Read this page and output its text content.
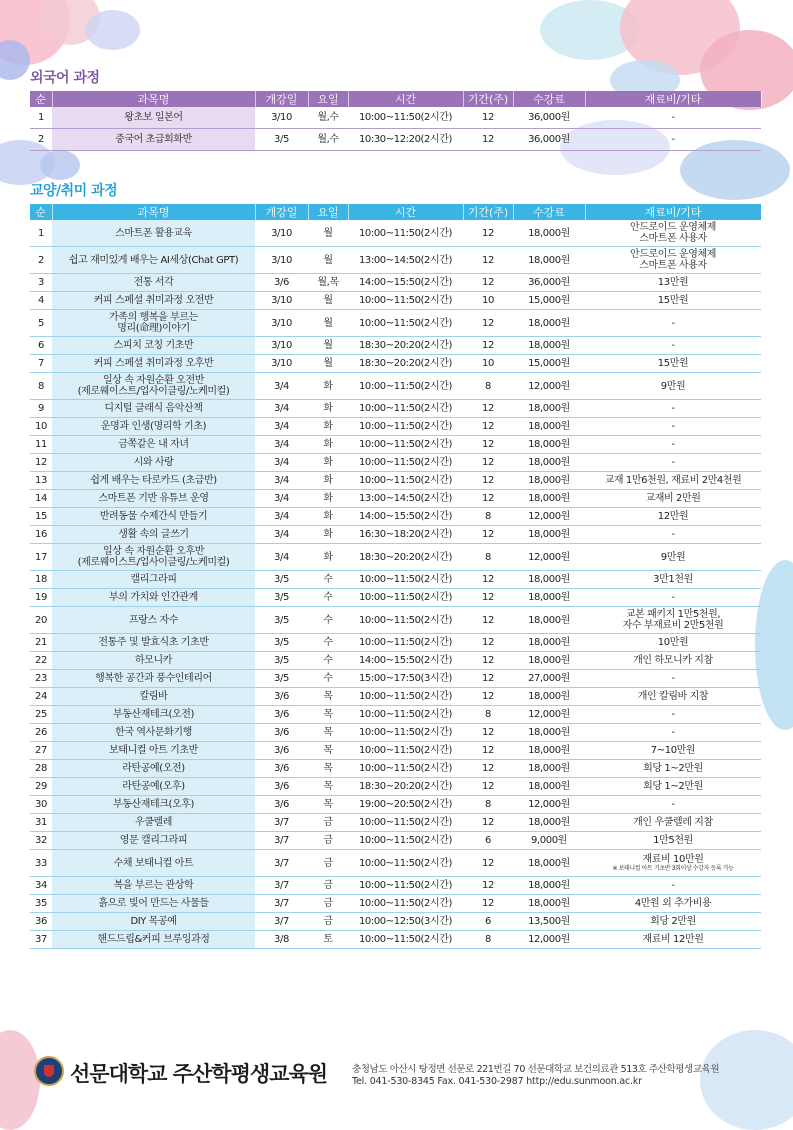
외국어 과정
순	과목명	개강일	요일	시간	기간(주)	수강료	재료비/기타
1	왕초보 일본어	3/10	월,수	10:00~11:50(2시간)	12	36,000원	-
2	중국어 초급회화반	3/5	월,수	10:30~12:20(2시간)	12	36,000원	-
교양/취미 과정
순	과목명	개강일	요일	시간	기간(주)	수강료	재료비/기타
1	스마트폰 활용교육	3/10	월	10:00~11:50(2시간)	12	18,000원	안드로이드 운영체제
스마트폰 사용자
2	쉽고 재미있게 배우는 AI세상(Chat GPT)	3/10	월	13:00~14:50(2시간)	12	18,000원	안드로이드 운영체제
스마트폰 사용자
3	전통 서각	3/6	월,목	14:00~15:50(2시간)	12	36,000원	13만원
4	커피 스페셜 취미과정 오전반	3/10	월	10:00~11:50(2시간)	10	15,000원	15만원
5	가족의 행복을 부르는
명리(命理)이야기	3/10	월	10:00~11:50(2시간)	12	18,000원	-
6	스피치 코칭 기초반	3/10	월	18:30~20:20(2시간)	12	18,000원	-
7	커피 스페셜 취미과정 오후반	3/10	월	18:30~20:20(2시간)	10	15,000원	15만원
8	일상 속 자원순환 오전반
(제로웨이스트/업사이클링/노케미컬)	3/4	화	10:00~11:50(2시간)	8	12,000원	9만원
9	디지털 클래식 음악산책	3/4	화	10:00~11:50(2시간)	12	18,000원	-
10	운명과 인생(명리학 기초)	3/4	화	10:00~11:50(2시간)	12	18,000원	-
11	금쪽같은 내 자녀	3/4	화	10:00~11:50(2시간)	12	18,000원	-
12	시와 사랑	3/4	화	10:00~11:50(2시간)	12	18,000원	-
13	쉽게 배우는 타로카드 (초급반)	3/4	화	10:00~11:50(2시간)	12	18,000원	교재 1만6천원, 재료비 2만4천원
14	스마트폰 기반 유튜브 운영	3/4	화	13:00~14:50(2시간)	12	18,000원	교재비 2만원
15	반려동물 수제간식 만들기	3/4	화	14:00~15:50(2시간)	8	12,000원	12만원
16	생활 속의 글쓰기	3/4	화	16:30~18:20(2시간)	12	18,000원	-
17	일상 속 자원순환 오후반
(제로웨이스트/업사이클링/노케미컬)	3/4	화	18:30~20:20(2시간)	8	12,000원	9만원
18	캘리그라피	3/5	수	10:00~11:50(2시간)	12	18,000원	3만1천원
19	부의 가치와 인간관계	3/5	수	10:00~11:50(2시간)	12	18,000원	-
20	프랑스 자수	3/5	수	10:00~11:50(2시간)	12	18,000원	교본 패키지 1만5천원,
자수 부재료비 2만5천원
21	전통주 및 발효식초 기초반	3/5	수	10:00~11:50(2시간)	12	18,000원	10만원
22	하모니카	3/5	수	14:00~15:50(2시간)	12	18,000원	개인 하모니카 지참
23	행복한 공간과 풍수인테리어	3/5	수	15:00~17:50(3시간)	12	27,000원	-
24	칼림바	3/6	목	10:00~11:50(2시간)	12	18,000원	개인 칼림바 지참
25	부동산재테크(오전)	3/6	목	10:00~11:50(2시간)	8	12,000원	-
26	한국 역사문화기행	3/6	목	10:00~11:50(2시간)	12	18,000원	-
27	보태니컬 아트 기초반	3/6	목	10:00~11:50(2시간)	12	18,000원	7~10만원
28	라탄공예(오전)	3/6	목	10:00~11:50(2시간)	12	18,000원	회당 1~2만원
29	라탄공예(오후)	3/6	목	18:30~20:20(2시간)	12	18,000원	회당 1~2만원
30	부동산재테크(오후)	3/6	목	19:00~20:50(2시간)	8	12,000원	-
31	우쿨렐레	3/7	금	10:00~11:50(2시간)	12	18,000원	개인 우쿨렐레 지참
32	영문 캘리그라피	3/7	금	10:00~11:50(2시간)	6	9,000원	1만5천원
33	수채 보태니컬 아트	3/7	금	10:00~11:50(2시간)	12	18,000원	재료비 10만원
※ 보태니컬 아트 기초반 3회이상 수강자 등록 가능

34	복을 부르는 관상학	3/7	금	10:00~11:50(2시간)	12	18,000원	-
35	흙으로 빚어 만드는 사물들	3/7	금	10:00~11:50(2시간)	12	18,000원	4만원 외 추가비용
36	DIY 목공예	3/7	금	10:00~12:50(3시간)	6	13,500원	회당 2만원
37	핸드드립&커피 브루잉과정	3/8	토	10:00~11:50(2시간)	8	12,000원	재료비 12만원
선문대학교 주산학평생교육원	충청남도 아산시 탕정면 선문로 221번길 70 선문대학교 보건의료관 513호 주산학평생교육원
Tel. 041-530-8345 Fax. 041-530-2987 http://edu.sunmoon.ac.kr
